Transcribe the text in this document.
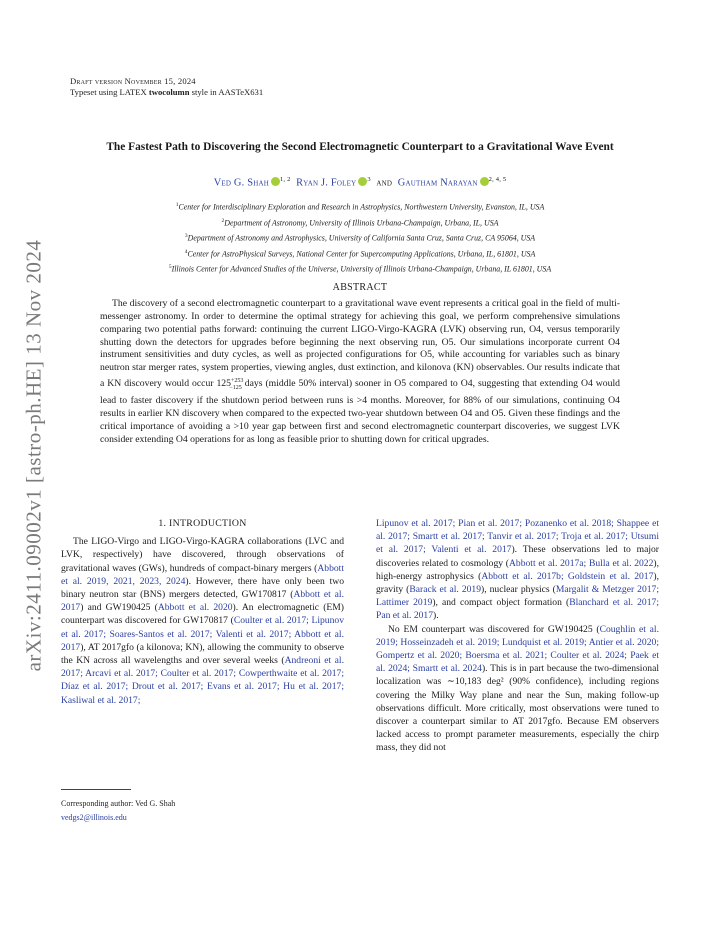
arXiv:2411.09002v1 [astro-ph.HE] 13 Nov 2024
Draft version November 15, 2024
Typeset using LATEX twocolumn style in AASTeX631
The Fastest Path to Discovering the Second Electromagnetic Counterpart to a Gravitational Wave Event
Ved G. Shah $^{1, 2}$ Ryan J. Foley $^3$ and Gautham Narayan $^{2, 4, 5}$
$^1$Center for Interdisciplinary Exploration and Research in Astrophysics, Northwestern University, Evanston, IL, USA
$^2$Department of Astronomy, University of Illinois Urbana-Champaign, Urbana, IL, USA
$^3$Department of Astronomy and Astrophysics, University of California Santa Cruz, Santa Cruz, CA 95064, USA
$^4$Center for AstroPhysical Surveys, National Center for Supercomputing Applications, Urbana, IL, 61801, USA
$^5$Illinois Center for Advanced Studies of the Universe, University of Illinois Urbana-Champaign, Urbana, IL 61801, USA
ABSTRACT
The discovery of a second electromagnetic counterpart to a gravitational wave event represents a critical goal in the field of multi-messenger astronomy. In order to determine the optimal strategy for achieving this goal, we perform comprehensive simulations comparing two potential paths forward: continuing the current LIGO-Virgo-KAGRA (LVK) observing run, O4, versus temporarily shutting down the detectors for upgrades before beginning the next observing run, O5. Our simulations incorporate current O4 instrument sensitivities and duty cycles, as well as projected configurations for O5, while accounting for variables such as binary neutron star merger rates, system properties, viewing angles, dust extinction, and kilonova (KN) observables. Our results indicate that a KN discovery would occur $125^{+253}_{-125}$ days (middle 50% interval) sooner in O5 compared to O4, suggesting that extending O4 would lead to faster discovery if the shutdown period between runs is >4 months. Moreover, for 88% of our simulations, continuing O4 results in earlier KN discovery when compared to the expected two-year shutdown between O4 and O5. Given these findings and the critical importance of avoiding a >10 year gap between first and second electromagnetic counterpart discoveries, we suggest LVK consider extending O4 operations for as long as feasible prior to shutting down for critical upgrades.
1. INTRODUCTION
The LIGO-Virgo and LIGO-Virgo-KAGRA collaborations (LVC and LVK, respectively) have discovered, through observations of gravitational waves (GWs), hundreds of compact-binary mergers (Abbott et al. 2019, 2021, 2023, 2024). However, there have only been two binary neutron star (BNS) mergers detected, GW170817 (Abbott et al. 2017) and GW190425 (Abbott et al. 2020). An electromagnetic (EM) counterpart was discovered for GW170817 (Coulter et al. 2017; Lipunov et al. 2017; Soares-Santos et al. 2017; Valenti et al. 2017; Abbott et al. 2017), AT 2017gfo (a kilonova; KN), allowing the community to observe the KN across all wavelengths and over several weeks (Andreoni et al. 2017; Arcavi et al. 2017; Coulter et al. 2017; Cowperthwaite et al. 2017; Díaz et al. 2017; Drout et al. 2017; Evans et al. 2017; Hu et al. 2017; Kasliwal et al. 2017;
Lipunov et al. 2017; Pian et al. 2017; Pozanenko et al. 2018; Shappee et al. 2017; Smartt et al. 2017; Tanvir et al. 2017; Troja et al. 2017; Utsumi et al. 2017; Valenti et al. 2017). These observations led to major discoveries related to cosmology (Abbott et al. 2017a; Bulla et al. 2022), high-energy astrophysics (Abbott et al. 2017b; Goldstein et al. 2017), gravity (Barack et al. 2019), nuclear physics (Margalit & Metzger 2017; Lattimer 2019), and compact object formation (Blanchard et al. 2017; Pan et al. 2017).
No EM counterpart was discovered for GW190425 (Coughlin et al. 2019; Hosseinzadeh et al. 2019; Lundquist et al. 2019; Antier et al. 2020; Gompertz et al. 2020; Boersma et al. 2021; Coulter et al. 2024; Paek et al. 2024; Smartt et al. 2024). This is in part because the two-dimensional localization was ∼10,183 deg² (90% confidence), including regions covering the Milky Way plane and near the Sun, making follow-up observations difficult. More critically, most observations were tuned to discover a counterpart similar to AT 2017gfo. Because EM observers lacked access to prompt parameter measurements, especially the chirp mass, they did not
Corresponding author: Ved G. Shah
vedgs2@illinois.edu
